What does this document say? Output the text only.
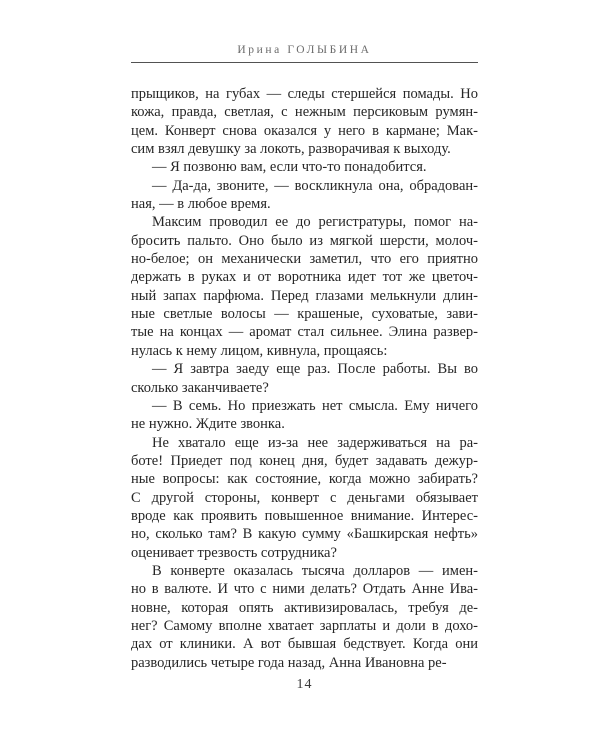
Ирина ГОЛЫБИНА
прыщиков, на губах — следы стершейся помады. Но
кожа, правда, светлая, с нежным персиковым румян-
цем. Конверт снова оказался у него в кармане; Мак-
сим взял девушку за локоть, разворачивая к выходу.
— Я позвоню вам, если что-то понадобится.
— Да-да, звоните, — воскликнула она, обрадован-
ная, — в любое время.
Максим проводил ее до регистратуры, помог на-
бросить пальто. Оно было из мягкой шерсти, молоч-
но-белое; он механически заметил, что его приятно
держать в руках и от воротника идет тот же цветоч-
ный запах парфюма. Перед глазами мелькнули длин-
ные светлые волосы — крашеные, суховатые, зави-
тые на концах — аромат стал сильнее. Элина развер-
нулась к нему лицом, кивнула, прощаясь:
— Я завтра заеду еще раз. После работы. Вы во
сколько заканчиваете?
— В семь. Но приезжать нет смысла. Ему ничего
не нужно. Ждите звонка.
Не хватало еще из-за нее задерживаться на ра-
боте! Приедет под конец дня, будет задавать дежур-
ные вопросы: как состояние, когда можно забирать?
С другой стороны, конверт с деньгами обязывает
вроде как проявить повышенное внимание. Интерес-
но, сколько там? В какую сумму «Башкирская нефть»
оценивает трезвость сотрудника?
В конверте оказалась тысяча долларов — имен-
но в валюте. И что с ними делать? Отдать Анне Ива-
новне, которая опять активизировалась, требуя де-
нег? Самому вполне хватает зарплаты и доли в дохо-
дах от клиники. А вот бывшая бедствует. Когда они
разводились четыре года назад, Анна Ивановна ре-
14
